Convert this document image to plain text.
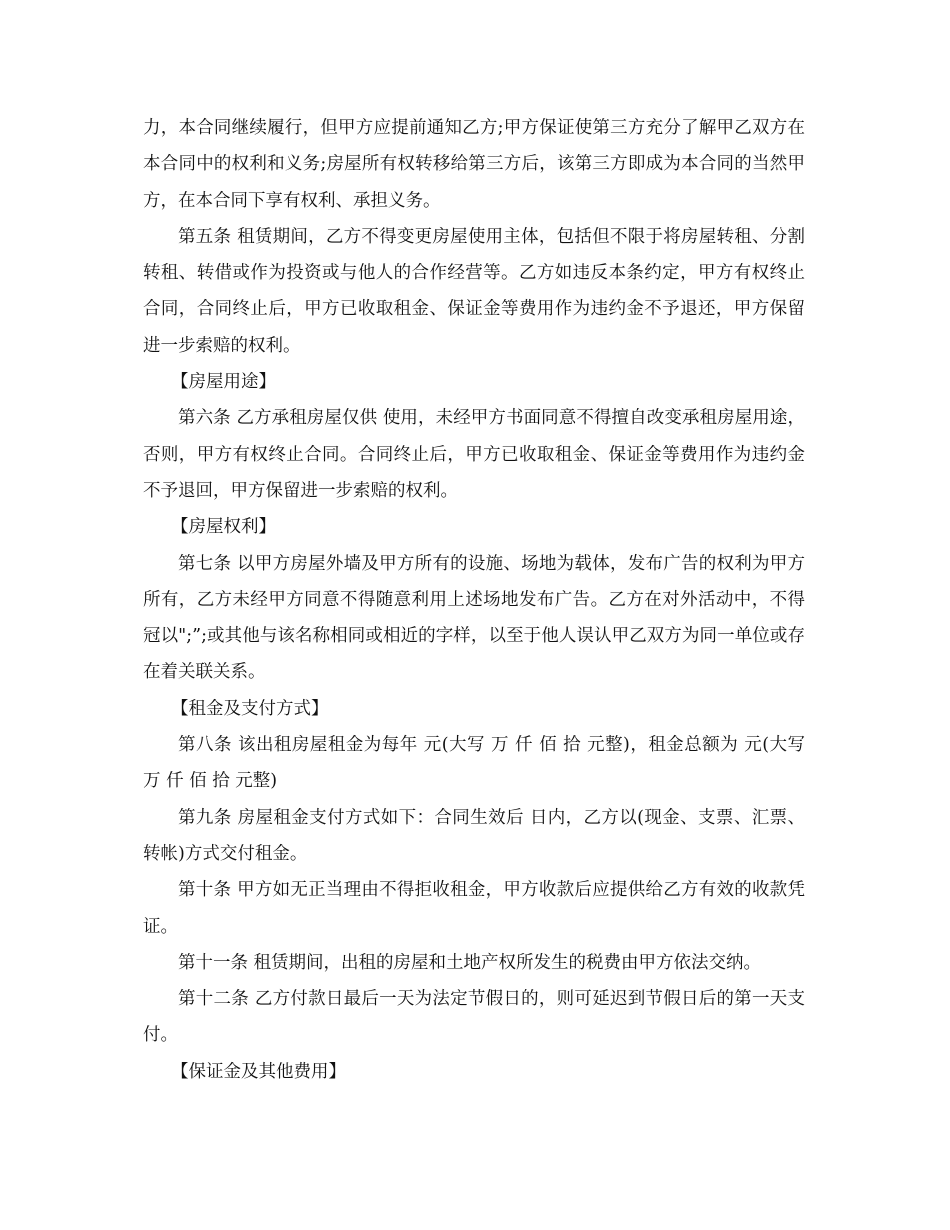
力，本合同继续履行，但甲方应提前通知乙方;甲方保证使第三方充分了解甲乙双方在本合同中的权利和义务;房屋所有权转移给第三方后，该第三方即成为本合同的当然甲方，在本合同下享有权利、承担义务。

第五条 租赁期间，乙方不得变更房屋使用主体，包括但不限于将房屋转租、分割转租、转借或作为投资或与他人的合作经营等。乙方如违反本条约定，甲方有权终止合同，合同终止后，甲方已收取租金、保证金等费用作为违约金不予退还，甲方保留进一步索赔的权利。

【房屋用途】

第六条 乙方承租房屋仅供 使用，未经甲方书面同意不得擅自改变承租房屋用途，否则，甲方有权终止合同。合同终止后，甲方已收取租金、保证金等费用作为违约金不予退回，甲方保留进一步索赔的权利。

【房屋权利】

第七条 以甲方房屋外墙及甲方所有的设施、场地为载体，发布广告的权利为甲方所有，乙方未经甲方同意不得随意利用上述场地发布广告。乙方在对外活动中，不得冠以";”;或其他与该名称相同或相近的字样，以至于他人误认甲乙双方为同一单位或存在着关联关系。

【租金及支付方式】

第八条 该出租房屋租金为每年 元(大写 万 仟 佰 拾 元整)，租金总额为 元(大写 万 仟 佰 拾 元整)

第九条 房屋租金支付方式如下：合同生效后 日内，乙方以(现金、支票、汇票、转帐)方式交付租金。

第十条 甲方如无正当理由不得拒收租金，甲方收款后应提供给乙方有效的收款凭证。

第十一条 租赁期间，出租的房屋和土地产权所发生的税费由甲方依法交纳。

第十二条 乙方付款日最后一天为法定节假日的，则可延迟到节假日后的第一天支付。

【保证金及其他费用】
